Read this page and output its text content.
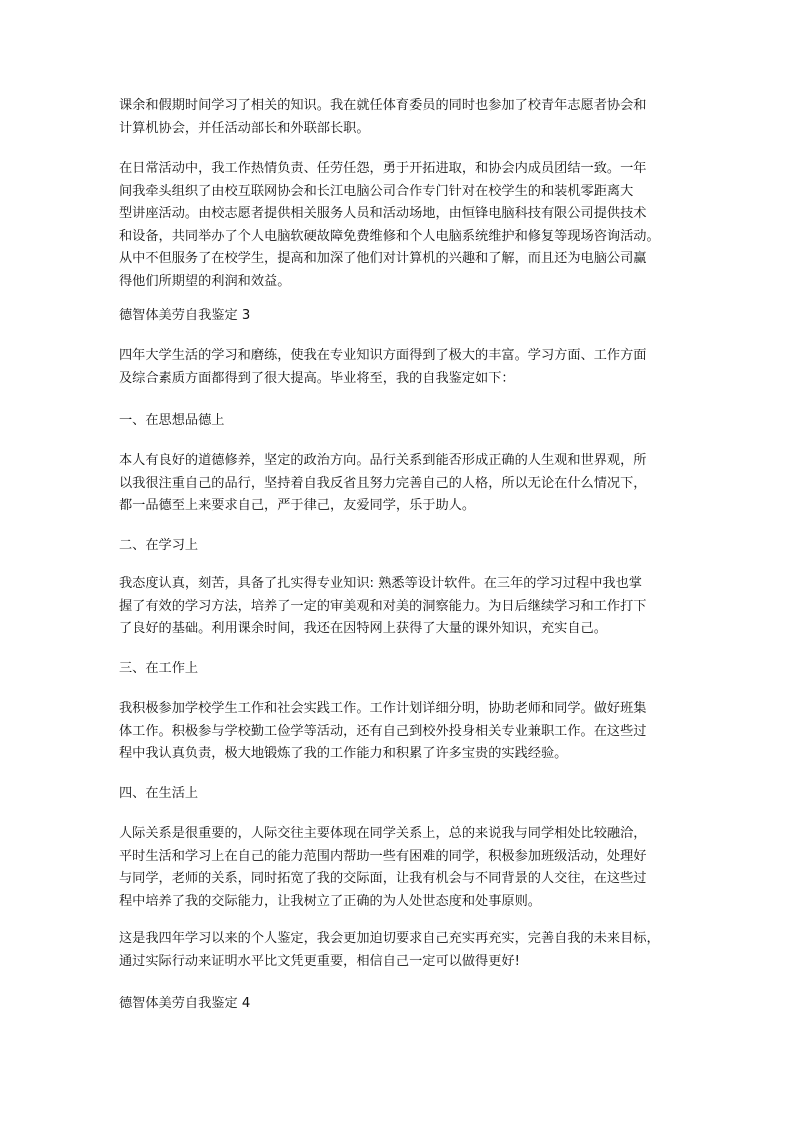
课余和假期时间学习了相关的知识。我在就任体育委员的同时也参加了校青年志愿者协会和
计算机协会，并任活动部长和外联部长职。
在日常活动中，我工作热情负责、任劳任怨，勇于开拓进取，和协会内成员团结一致。一年
间我牵头组织了由校互联网协会和长江电脑公司合作专门针对在校学生的和装机零距离大
型讲座活动。由校志愿者提供相关服务人员和活动场地，由恒锋电脑科技有限公司提供技术
和设备，共同举办了个人电脑软硬故障免费维修和个人电脑系统维护和修复等现场咨询活动。
从中不但服务了在校学生，提高和加深了他们对计算机的兴趣和了解，而且还为电脑公司赢
得他们所期望的利润和效益。
德智体美劳自我鉴定 3
四年大学生活的学习和磨练，使我在专业知识方面得到了极大的丰富。学习方面、工作方面
及综合素质方面都得到了很大提高。毕业将至，我的自我鉴定如下：
一、在思想品德上
本人有良好的道德修养，坚定的政治方向。品行关系到能否形成正确的人生观和世界观，所
以我很注重自己的品行，坚持着自我反省且努力完善自己的人格，所以无论在什么情况下，
都一品德至上来要求自己，严于律己，友爱同学，乐于助人。
二、在学习上
我态度认真，刻苦，具备了扎实得专业知识: 熟悉等设计软件。在三年的学习过程中我也掌
握了有效的学习方法，培养了一定的审美观和对美的洞察能力。为日后继续学习和工作打下
了良好的基础。利用课余时间，我还在因特网上获得了大量的课外知识，充实自己。
三、在工作上
我积极参加学校学生工作和社会实践工作。工作计划详细分明，协助老师和同学。做好班集
体工作。积极参与学校勤工俭学等活动，还有自己到校外投身相关专业兼职工作。在这些过
程中我认真负责，极大地锻炼了我的工作能力和积累了许多宝贵的实践经验。
四、在生活上
人际关系是很重要的，人际交往主要体现在同学关系上，总的来说我与同学相处比较融洽，
平时生活和学习上在自己的能力范围内帮助一些有困难的同学，积极参加班级活动，处理好
与同学，老师的关系，同时拓宽了我的交际面，让我有机会与不同背景的人交往，在这些过
程中培养了我的交际能力，让我树立了正确的为人处世态度和处事原则。
这是我四年学习以来的个人鉴定，我会更加迫切要求自己充实再充实，完善自我的未来目标，
通过实际行动来证明水平比文凭更重要，相信自己一定可以做得更好!
德智体美劳自我鉴定 4
